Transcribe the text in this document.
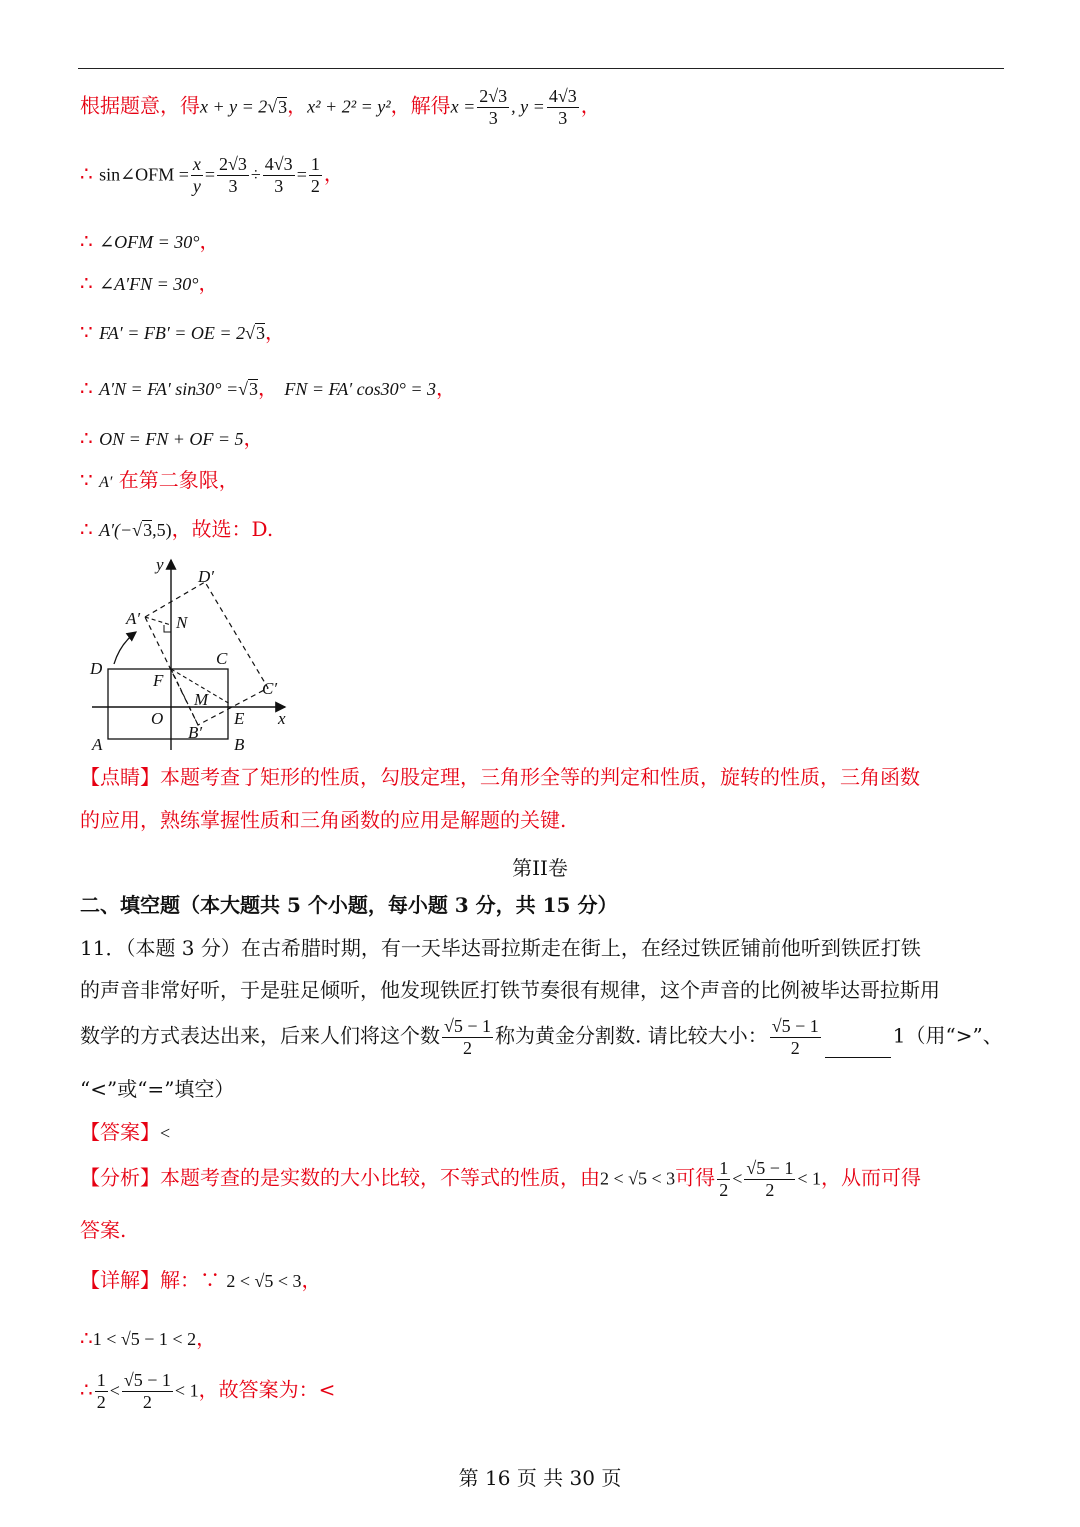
根据题意，得x + y = 2√3，x² + 2² = y²，解得$x = \frac{2√3}{3}$ , $y = \frac{4√3}{3}$ ，
∴ sin∠OFM = $\frac{x}{y} = \frac{2√3}{3} \div \frac{4√3}{3} = \frac{1}{2}$ ，
∴ ∠OFM = 30°，
∴ ∠A′FN = 30°，
∵ FA′ = FB′ = OE = 2√3，
∴ A′N = FA′ sin30° =√3， FN = FA′ cos30° = 3，
∴ ON = FN + OF = 5，
∵ A′ 在第二象限，
∴ A′(−√3,5)，故选：D.
y
x
D′
A′ N
D
C
F	C′
M
O	E
B′
A	B
【点睛】本题考查了矩形的性质，勾股定理，三角形全等的判定和性质，旋转的性质，三角函数
的应用，熟练掌握性质和三角函数的应用是解题的关键.
第II卷
二、填空题（本大题共 5 个小题，每小题 3 分，共 15 分）
11．（本题 3 分）在古希腊时期，有一天毕达哥拉斯走在街上，在经过铁匠铺前他听到铁匠打铁
的声音非常好听，于是驻足倾听，他发现铁匠打铁节奏很有规律，这个声音的比例被毕达哥拉斯用
数学的方式表达出来，后来人们将这个数 $\frac{√5 - 1}{2}$ 称为黄金分割数. 请比较大小： $\frac{√5 - 1}{2}$	1（用“>”、
“<”或“=”填空）
【答案】<
【分析】本题考查的是实数的大小比较，不等式的性质，由2 < √5 < 3可得 $\frac{1}{2} < \frac{√5 - 1}{2} < 1$，从而可得
答案.
【详解】解：∵ 2 < √5 < 3，
∴1 < √5 − 1 < 2，
∴ $\frac{1}{2} < \frac{√5 - 1}{2} < 1$，故答案为：<
第 16 页 共 30 页
